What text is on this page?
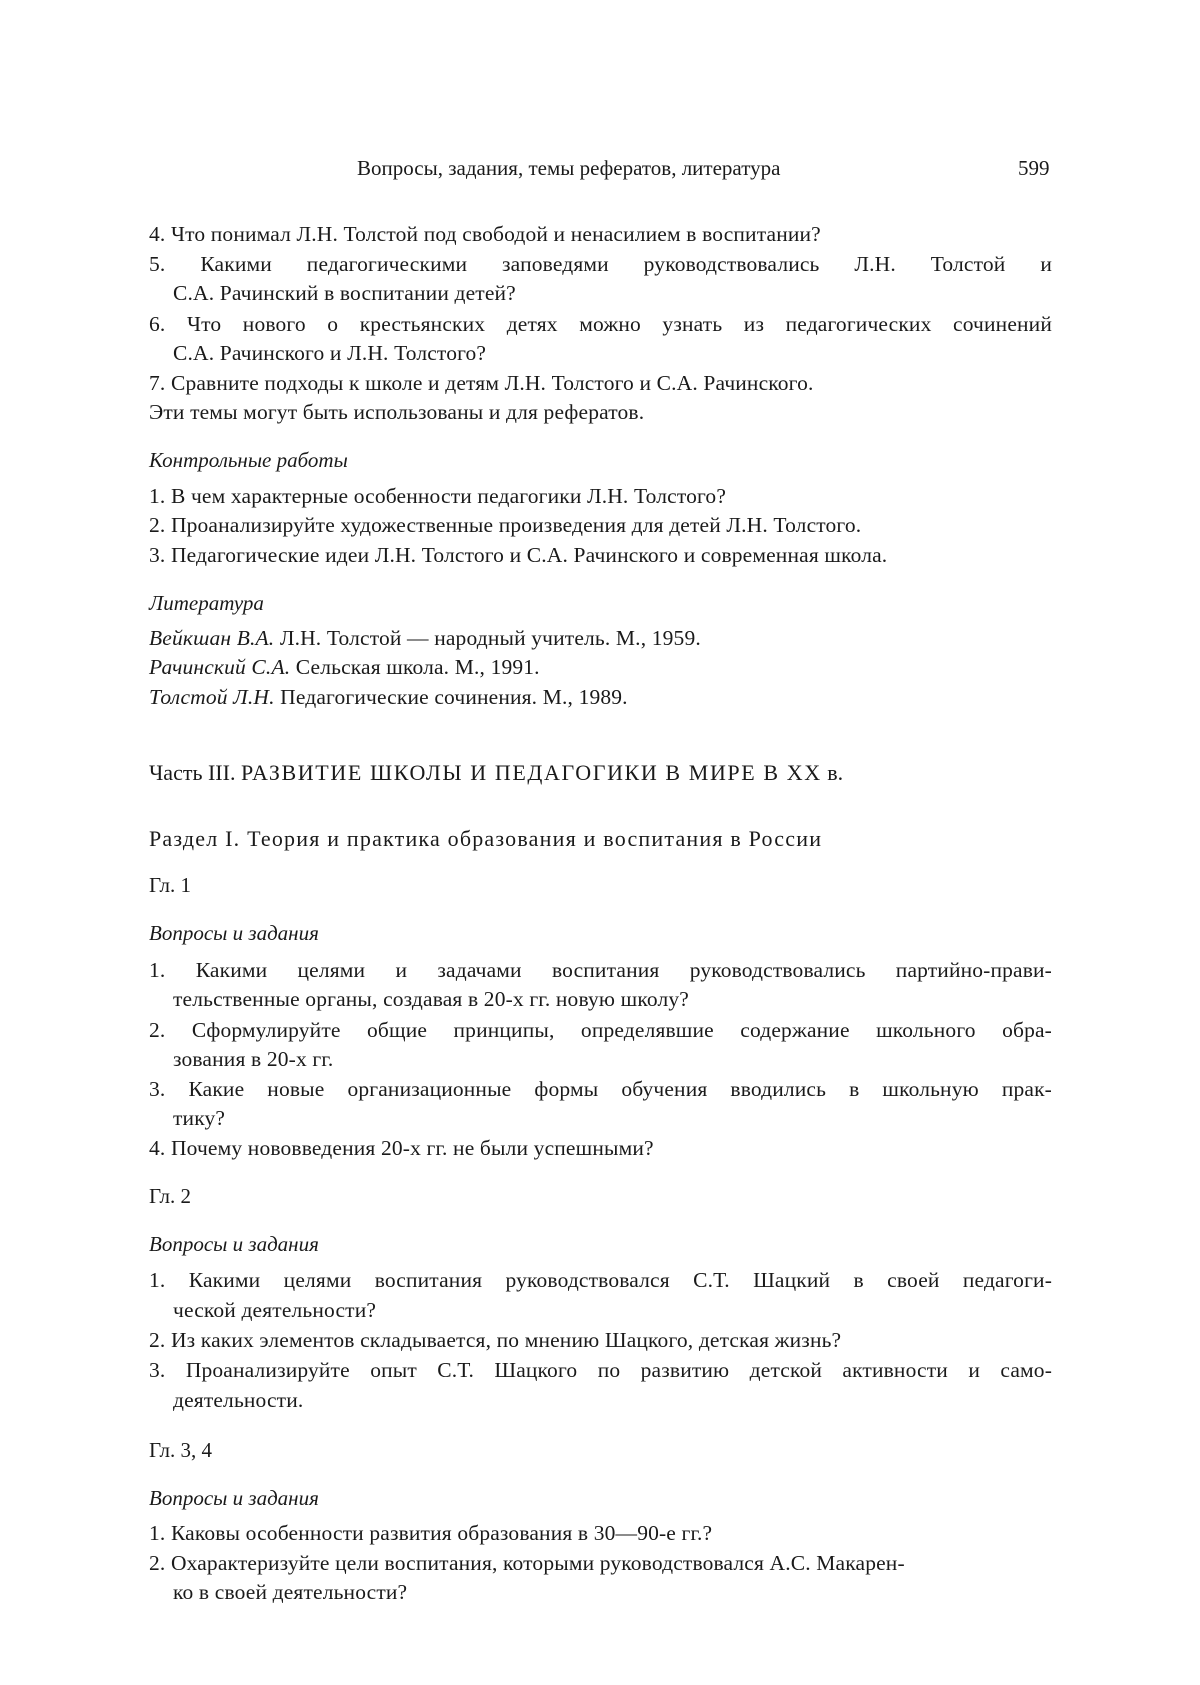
Вопросы, задания, темы рефератов, литература	599
4. Что понимал Л.Н. Толстой под свободой и ненасилием в воспитании?
5. Какими педагогическими заповедями руководствовались Л.Н. Толстой и
С.А. Рачинский в воспитании детей?
6. Что нового о крестьянских детях можно узнать из педагогических сочинений
С.А. Рачинского и Л.Н. Толстого?
7. Сравните подходы к школе и детям Л.Н. Толстого и С.А. Рачинского.
Эти темы могут быть использованы и для рефератов.
Контрольные работы
1. В чем характерные особенности педагогики Л.Н. Толстого?
2. Проанализируйте художественные произведения для детей Л.Н. Толстого.
3. Педагогические идеи Л.Н. Толстого и С.А. Рачинского и современная школа.
Литература
Вейкшан В.А. Л.Н. Толстой — народный учитель. М., 1959.
Рачинский С.А. Сельская школа. М., 1991.
Толстой Л.Н. Педагогические сочинения. М., 1989.
Часть III. РАЗВИТИЕ ШКОЛЫ И ПЕДАГОГИКИ В МИРЕ В XX в.
Раздел I. Теория и практика образования и воспитания в России
Гл. 1
Вопросы и задания
1. Какими целями и задачами воспитания руководствовались партийно-прави-
тельственные органы, создавая в 20-х гг. новую школу?
2. Сформулируйте общие принципы, определявшие содержание школьного обра-
зования в 20-х гг.
3. Какие новые организационные формы обучения вводились в школьную прак-
тику?
4. Почему нововведения 20-х гг. не были успешными?
Гл. 2
Вопросы и задания
1. Какими целями воспитания руководствовался С.Т. Шацкий в своей педагоги-
ческой деятельности?
2. Из каких элементов складывается, по мнению Шацкого, детская жизнь?
3. Проанализируйте опыт С.Т. Шацкого по развитию детской активности и само-
деятельности.
Гл. 3, 4
Вопросы и задания
1. Каковы особенности развития образования в 30—90-е гг.?
2. Охарактеризуйте цели воспитания, которыми руководствовался А.С. Макарен-
ко в своей деятельности?
